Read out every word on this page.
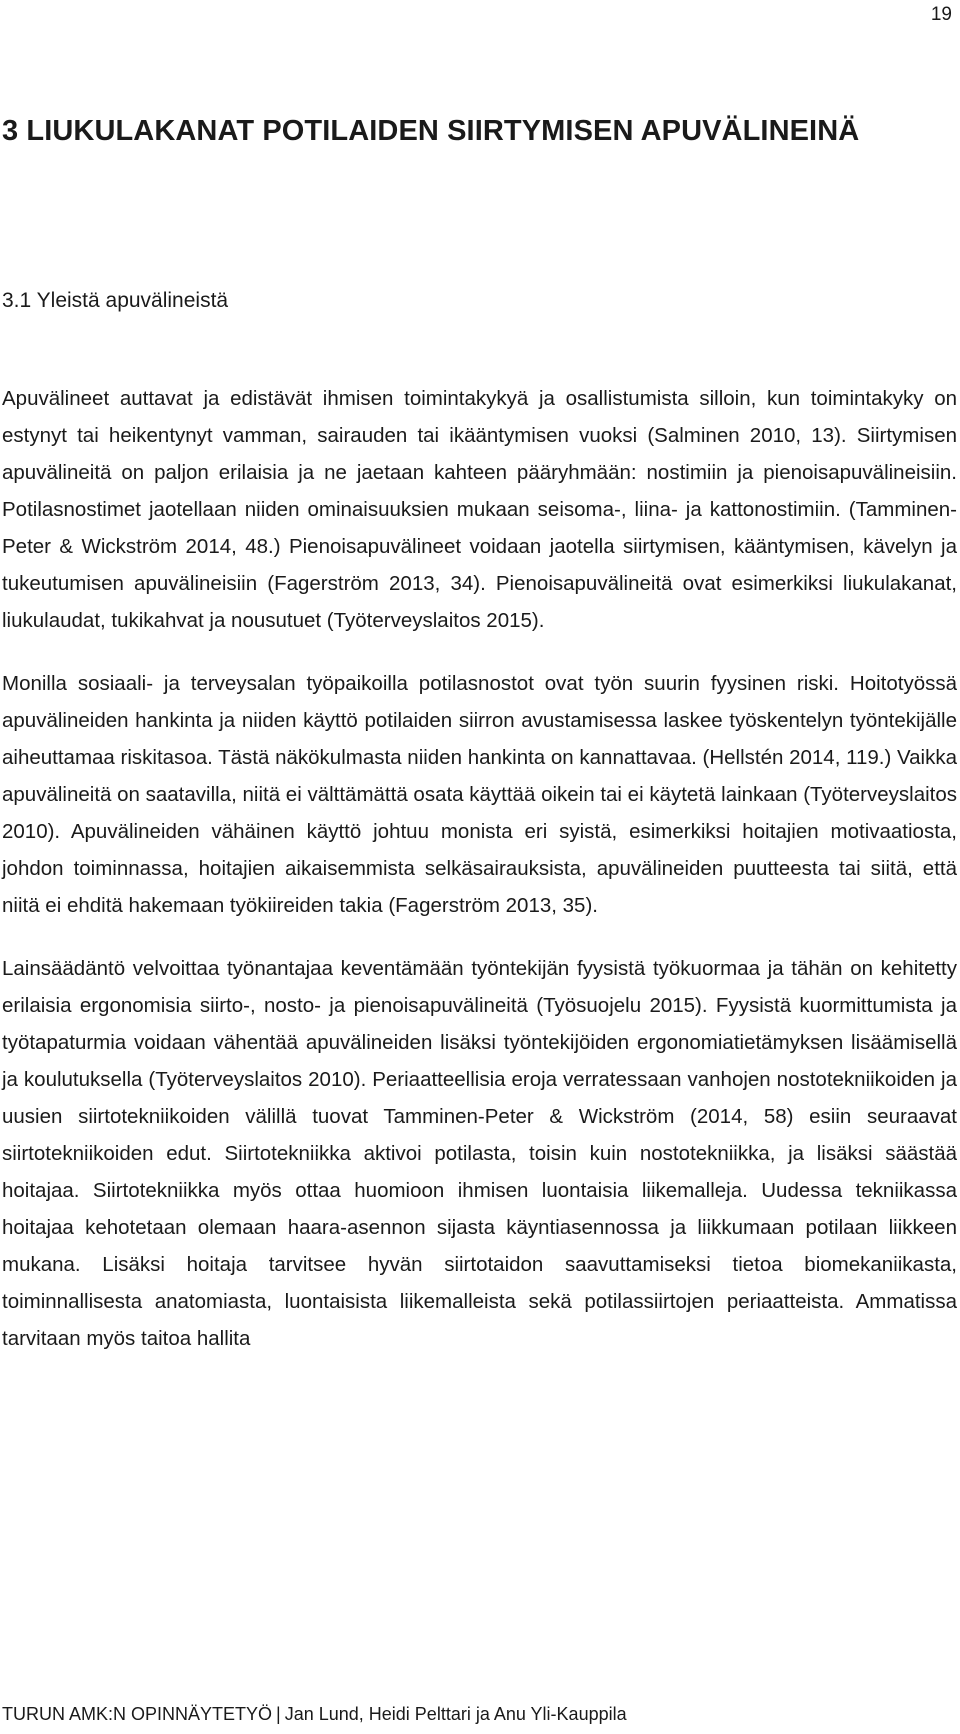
19
3 LIUKULAKANAT POTILAIDEN SIIRTYMISEN APUVÄLINEINÄ
3.1 Yleistä apuvälineistä

Apuvälineet auttavat ja edistävät ihmisen toimintakykyä ja osallistumista silloin, kun toimintakyky on estynyt tai heikentynyt vamman, sairauden tai ikääntymisen vuoksi (Salminen 2010, 13). Siirtymisen apuvälineitä on paljon erilaisia ja ne jaetaan kahteen pääryhmään: nostimiin ja pienoisapuvälineisiin. Potilasnostimet jaotellaan niiden ominaisuuksien mukaan seisoma-, liina- ja kattonostimiin. (Tamminen-Peter & Wickström 2014, 48.) Pienoisapuvälineet voidaan jaotella siirtymisen, kääntymisen, kävelyn ja tukeutumisen apuvälineisiin (Fagerström 2013, 34). Pienoisapuvälineitä ovat esimerkiksi liukulakanat, liukulaudat, tukikahvat ja nousutuet (Työterveyslaitos 2015).

Monilla sosiaali- ja terveysalan työpaikoilla potilasnostot ovat työn suurin fyysinen riski. Hoitotyössä apuvälineiden hankinta ja niiden käyttö potilaiden siirron avustamisessa laskee työskentelyn työntekijälle aiheuttamaa riskitasoa. Tästä näkökulmasta niiden hankinta on kannattavaa. (Hellstén 2014, 119.) Vaikka apuvälineitä on saatavilla, niitä ei välttämättä osata käyttää oikein tai ei käytetä lainkaan (Työterveyslaitos 2010). Apuvälineiden vähäinen käyttö johtuu monista eri syistä, esimerkiksi hoitajien motivaatiosta, johdon toiminnassa, hoitajien aikaisemmista selkäsairauksista, apuvälineiden puutteesta tai siitä, että niitä ei ehditä hakemaan työkiireiden takia (Fagerström 2013, 35).

Lainsäädäntö velvoittaa työnantajaa keventämään työntekijän fyysistä työkuormaa ja tähän on kehitetty erilaisia ergonomisia siirto-, nosto- ja pienoisapuvälineitä (Työsuojelu 2015). Fyysistä kuormittumista ja työtapaturmia voidaan vähentää apuvälineiden lisäksi työntekijöiden ergonomiatietämyksen lisäämisellä ja koulutuksella (Työterveyslaitos 2010). Periaatteellisia eroja verratessaan vanhojen nostotekniikoiden ja uusien siirtotekniikoiden välillä tuovat Tamminen-Peter & Wickström (2014, 58) esiin seuraavat siirtotekniikoiden edut. Siirtotekniikka aktivoi potilasta, toisin kuin nostotekniikka, ja lisäksi säästää hoitajaa. Siirtotekniikka myös ottaa huomioon ihmisen luontaisia liikemalleja. Uudessa tekniikassa hoitajaa kehotetaan olemaan haara-asennon sijasta käyntiasennossa ja liikkumaan potilaan liikkeen mukana. Lisäksi hoitaja tarvitsee hyvän siirtotaidon saavuttamiseksi tietoa biomekaniikasta, toiminnallisesta anatomiasta, luontaisista liikemalleista sekä potilassiirtojen periaatteista. Ammatissa tarvitaan myös taitoa hallita

TURUN AMK:N OPINNÄYTETYÖ | Jan Lund, Heidi Pelttari ja Anu Yli-Kauppila
